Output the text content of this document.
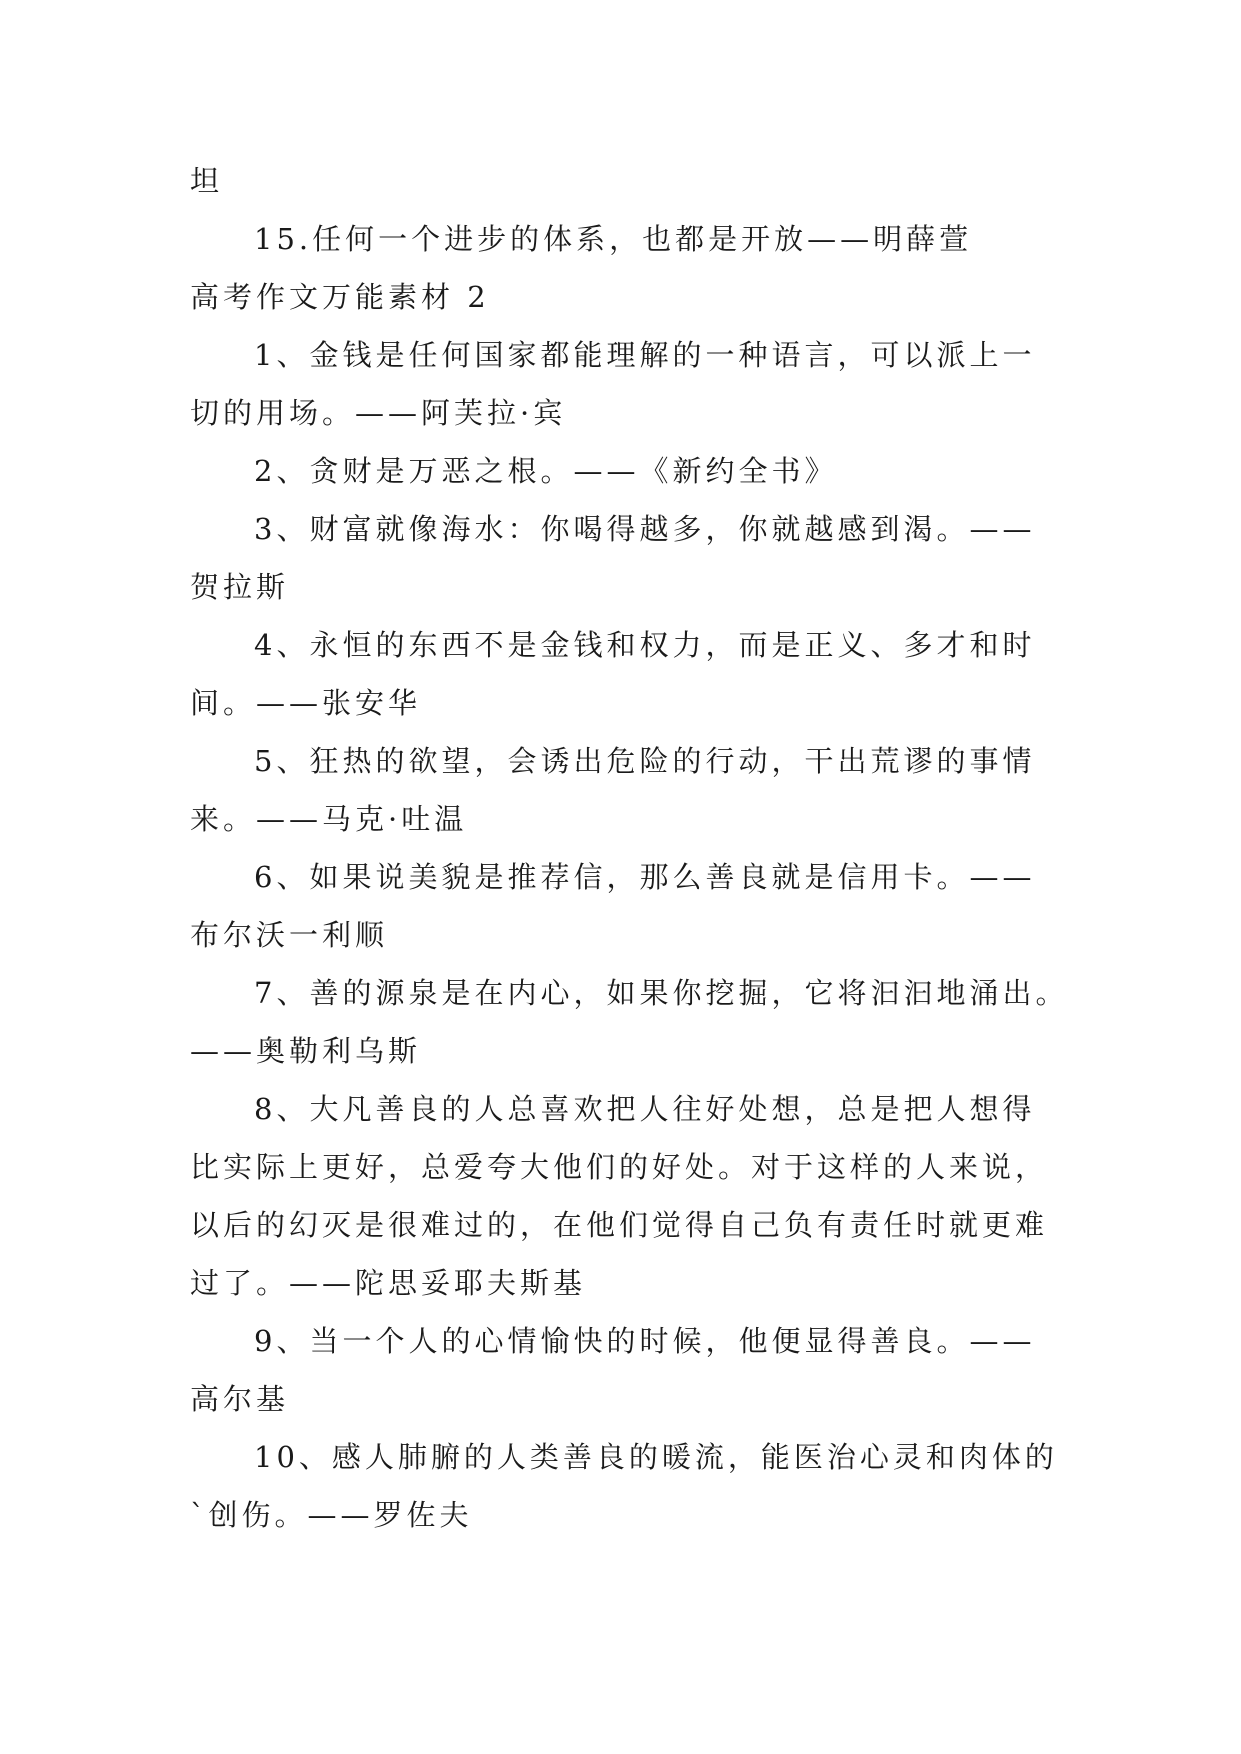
坦
15.任何一个进步的体系，也都是开放——明薛萱
高考作文万能素材 2
1、金钱是任何国家都能理解的一种语言，可以派上一
切的用场。——阿芙拉·宾
2、贪财是万恶之根。——《新约全书》
3、财富就像海水：你喝得越多，你就越感到渴。——
贺拉斯
4、永恒的东西不是金钱和权力，而是正义、多才和时
间。——张安华
5、狂热的欲望，会诱出危险的行动，干出荒谬的事情
来。——马克·吐温
6、如果说美貌是推荐信，那么善良就是信用卡。——
布尔沃一利顺
7、善的源泉是在内心，如果你挖掘，它将汩汩地涌出。
——奥勒利乌斯
8、大凡善良的人总喜欢把人往好处想，总是把人想得
比实际上更好，总爱夸大他们的好处。对于这样的人来说，
以后的幻灭是很难过的，在他们觉得自己负有责任时就更难
过了。——陀思妥耶夫斯基
9、当一个人的心情愉快的时候，他便显得善良。——
高尔基
10、感人肺腑的人类善良的暖流，能医治心灵和肉体的
`创伤。——罗佐夫
